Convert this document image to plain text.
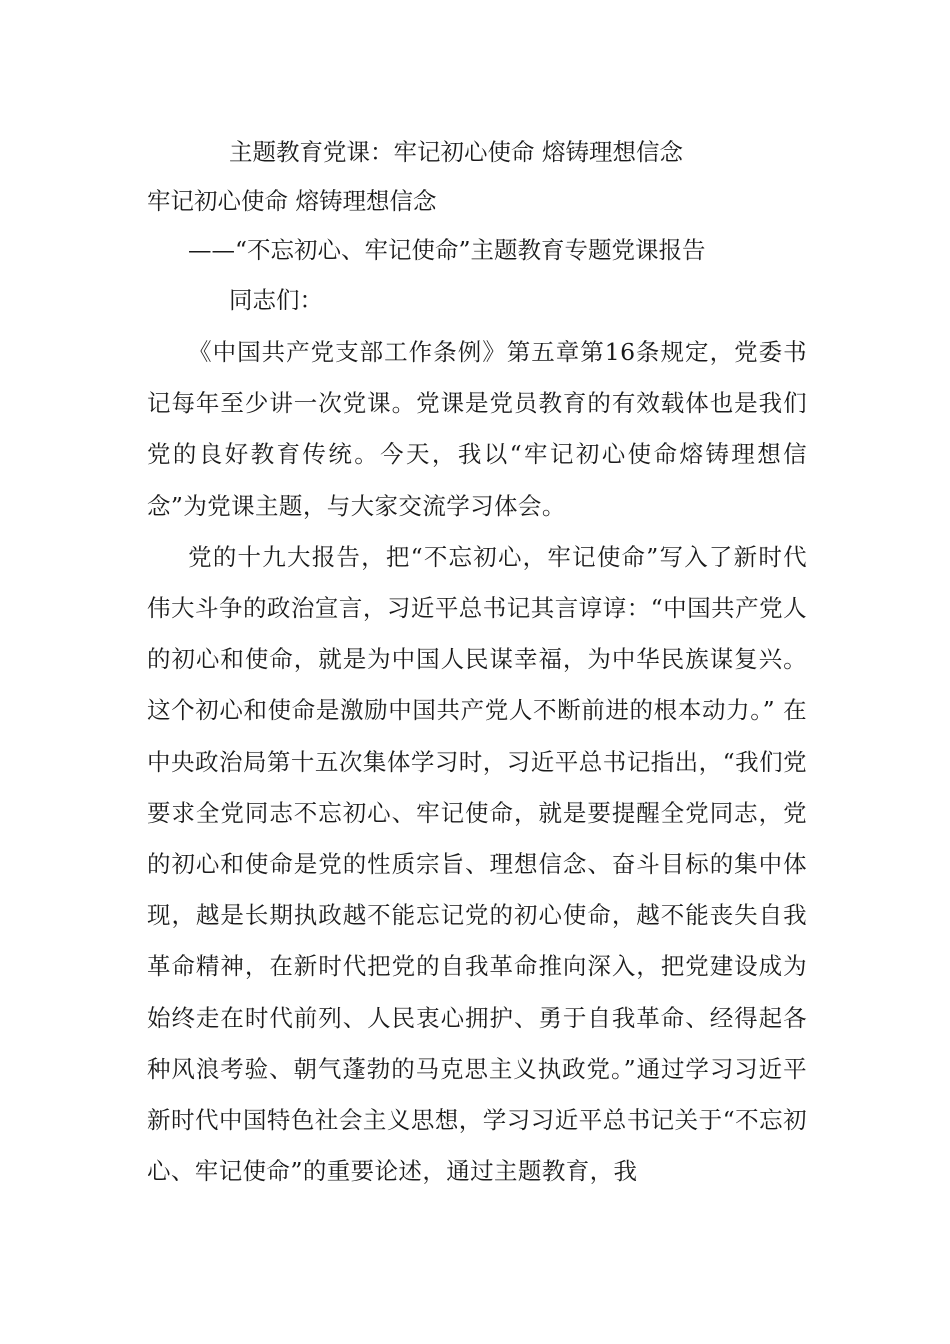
主题教育党课：牢记初心使命 熔铸理想信念
牢记初心使命 熔铸理想信念
——“不忘初心、牢记使命”主题教育专题党课报告
同志们：

《中国共产党支部工作条例》第五章第16条规定，党委书记每年至少讲一次党课。党课是党员教育的有效载体也是我们党的良好教育传统。今天，我以“牢记初心使命熔铸理想信念”为党课主题，与大家交流学习体会。

党的十九大报告，把“不忘初心，牢记使命”写入了新时代伟大斗争的政治宣言，习近平总书记其言谆谆：“中国共产党人的初心和使命，就是为中国人民谋幸福，为中华民族谋复兴。这个初心和使命是激励中国共产党人不断前进的根本动力。” 在中央政治局第十五次集体学习时，习近平总书记指出，“我们党要求全党同志不忘初心、牢记使命，就是要提醒全党同志，党的初心和使命是党的性质宗旨、理想信念、奋斗目标的集中体现，越是长期执政越不能忘记党的初心使命，越不能丧失自我革命精神，在新时代把党的自我革命推向深入，把党建设成为始终走在时代前列、人民衷心拥护、勇于自我革命、经得起各种风浪考验、朝气蓬勃的马克思主义执政党。”通过学习习近平新时代中国特色社会主义思想，学习习近平总书记关于“不忘初心、牢记使命”的重要论述，通过主题教育，我
